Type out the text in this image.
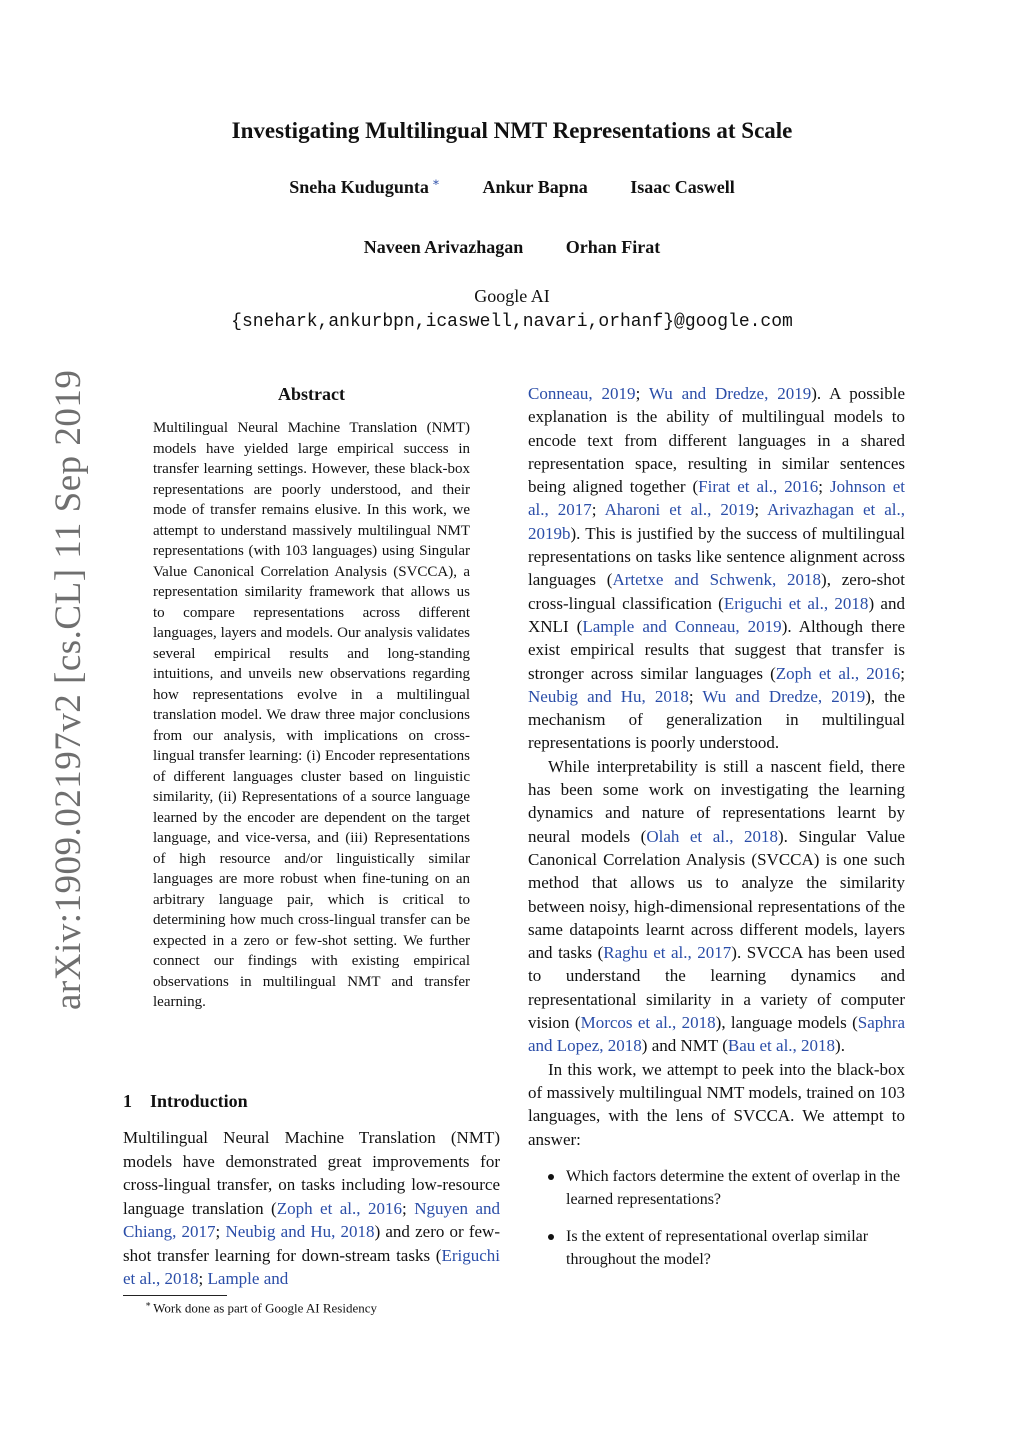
arXiv:1909.02197v2 [cs.CL] 11 Sep 2019
Investigating Multilingual NMT Representations at Scale
Sneha Kudugunta ∗ Ankur Bapna Isaac Caswell
Naveen Arivazhagan Orhan Firat
Google AI
{snehark,ankurbpn,icaswell,navari,orhanf}@google.com
Abstract

Multilingual Neural Machine Translation (NMT) models have yielded large empirical success in transfer learning settings. However, these black-box representations are poorly understood, and their mode of transfer remains elusive. In this work, we attempt to understand massively multilingual NMT representations (with 103 languages) using Singular Value Canonical Correlation Analysis (SVCCA), a representation similarity framework that allows us to compare representations across different languages, layers and models. Our analysis validates several empirical results and long-standing intuitions, and unveils new observations regarding how representations evolve in a multilingual translation model. We draw three major conclusions from our analysis, with implications on cross-lingual transfer learning: (i) Encoder representations of different languages cluster based on linguistic similarity, (ii) Representations of a source language learned by the encoder are dependent on the target language, and vice-versa, and (iii) Representations of high resource and/or linguistically similar languages are more robust when fine-tuning on an arbitrary language pair, which is critical to determining how much cross-lingual transfer can be expected in a zero or few-shot setting. We further connect our findings with existing empirical observations in multilingual NMT and transfer learning.

1 Introduction

Multilingual Neural Machine Translation (NMT) models have demonstrated great improvements for cross-lingual transfer, on tasks including low-resource language translation (Zoph et al., 2016; Nguyen and Chiang, 2017; Neubig and Hu, 2018) and zero or few-shot transfer learning for down-stream tasks (Eriguchi et al., 2018; Lample and

∗ Work done as part of Google AI Residency

Conneau, 2019; Wu and Dredze, 2019). A possible explanation is the ability of multilingual models to encode text from different languages in a shared representation space, resulting in similar sentences being aligned together (Firat et al., 2016; Johnson et al., 2017; Aharoni et al., 2019; Arivazhagan et al., 2019b). This is justified by the success of multilingual representations on tasks like sentence alignment across languages (Artetxe and Schwenk, 2018), zero-shot cross-lingual classification (Eriguchi et al., 2018) and XNLI (Lample and Conneau, 2019). Although there exist empirical results that suggest that transfer is stronger across similar languages (Zoph et al., 2016; Neubig and Hu, 2018; Wu and Dredze, 2019), the mechanism of generalization in multilingual representations is poorly understood.

While interpretability is still a nascent field, there has been some work on investigating the learning dynamics and nature of representations learnt by neural models (Olah et al., 2018). Singular Value Canonical Correlation Analysis (SVCCA) is one such method that allows us to analyze the similarity between noisy, high-dimensional representations of the same datapoints learnt across different models, layers and tasks (Raghu et al., 2017). SVCCA has been used to understand the learning dynamics and representational similarity in a variety of computer vision (Morcos et al., 2018), language models (Saphra and Lopez, 2018) and NMT (Bau et al., 2018).

In this work, we attempt to peek into the black-box of massively multilingual NMT models, trained on 103 languages, with the lens of SVCCA. We attempt to answer:

Which factors determine the extent of overlap in the learned representations?
Is the extent of representational overlap similar throughout the model?
